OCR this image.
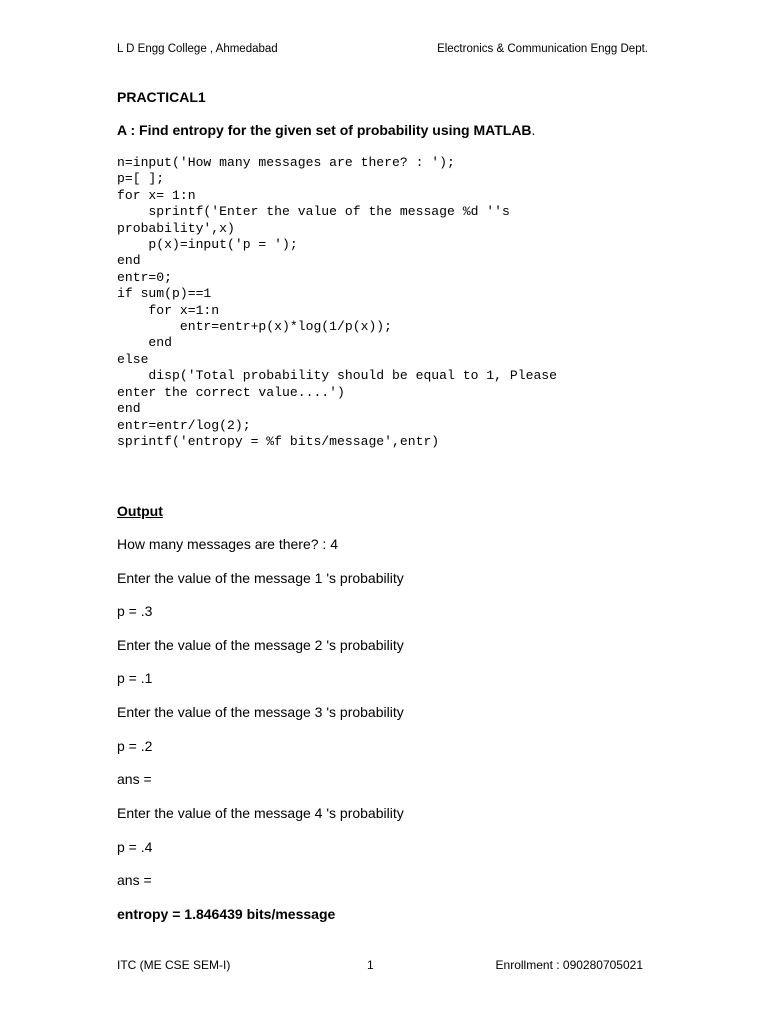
L D Engg College , Ahmedabad	Electronics & Communication Engg Dept.
PRACTICAL1
A : Find entropy for the given set of probability using MATLAB.
n=input('How many messages are there? : ');
p=[ ];
for x= 1:n
sprintf('Enter the value of the message %d ''s
probability',x)
p(x)=input('p = ');
end
entr=0;
if sum(p)==1
for x=1:n
entr=entr+p(x)*log(1/p(x));
end
else
disp('Total probability should be equal to 1, Please
enter the correct value....')
end
entr=entr/log(2);
sprintf('entropy = %f bits/message',entr)
Output
How many messages are there? : 4
Enter the value of the message 1 's probability
p = .3
Enter the value of the message 2 's probability
p = .1
Enter the value of the message 3 's probability
p = .2
ans =
Enter the value of the message 4 's probability
p = .4
ans =
entropy = 1.846439 bits/message
ITC (ME CSE SEM-I)	1	Enrollment : 090280705021
